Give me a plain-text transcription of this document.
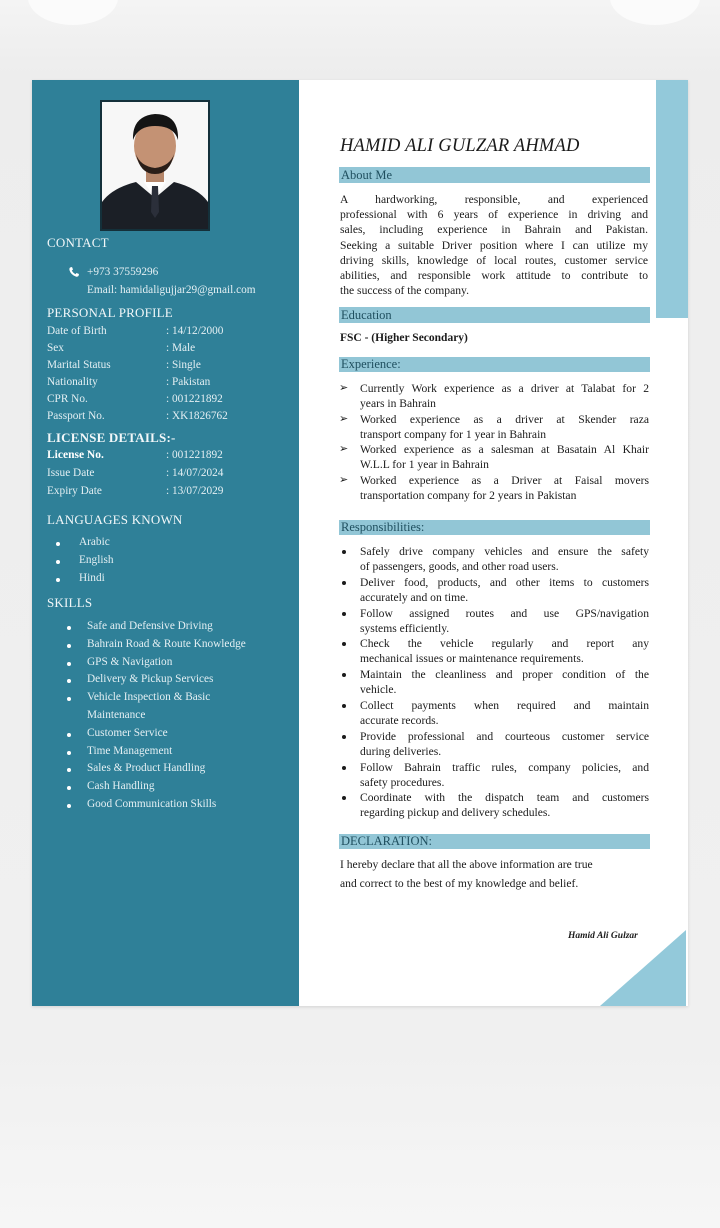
CONTACT
+973 37559296
Email: hamidaligujjar29@gmail.com
PERSONAL PROFILE
Date of Birth	: 14/12/2000
Sex	: Male
Marital Status	: Single
Nationality	: Pakistan
CPR No.	: 001221892
Passport No.	: XK1826762
LICENSE DETAILS:-
License No.	: 001221892
Issue Date	: 14/07/2024
Expiry Date	: 13/07/2029
LANGUAGES KNOWN
Arabic
English
Hindi
SKILLS
Safe and Defensive Driving
Bahrain Road & Route Knowledge
GPS & Navigation
Delivery & Pickup Services
Vehicle Inspection & Basic
Maintenance
Customer Service
Time Management
Sales & Product Handling
Cash Handling
Good Communication Skills
HAMID ALI GULZAR AHMAD
About Me
A hardworking, responsible, and experienced
professional with 6 years of experience in driving and
sales, including experience in Bahrain and Pakistan.
Seeking a suitable Driver position where I can utilize my
driving skills, knowledge of local routes, customer service
abilities, and responsible work attitude to contribute to
the success of the company.
Education
FSC - (Higher Secondary)
Experience:
➢ Currently Work experience as a driver at Talabat for 2
years in Bahrain
➢ Worked experience as a driver at Skender raza
transport company for 1 year in Bahrain
➢ Worked experience as a salesman at Basatain Al Khair
W.L.L for 1 year in Bahrain
➢ Worked experience as a Driver at Faisal movers
transportation company for 2 years in Pakistan
Responsibilities:
Safely drive company vehicles and ensure the safety
of passengers, goods, and other road users.
Deliver food, products, and other items to customers
accurately and on time.
Follow assigned routes and use GPS/navigation
systems efficiently.
Check the vehicle regularly and report any
mechanical issues or maintenance requirements.
Maintain the cleanliness and proper condition of the
vehicle.
Collect payments when required and maintain
accurate records.
Provide professional and courteous customer service
during deliveries.
Follow Bahrain traffic rules, company policies, and
safety procedures.
Coordinate with the dispatch team and customers
regarding pickup and delivery schedules.
DECLARATION:
I hereby declare that all the above information are true
and correct to the best of my knowledge and belief.
Hamid Ali Gulzar
